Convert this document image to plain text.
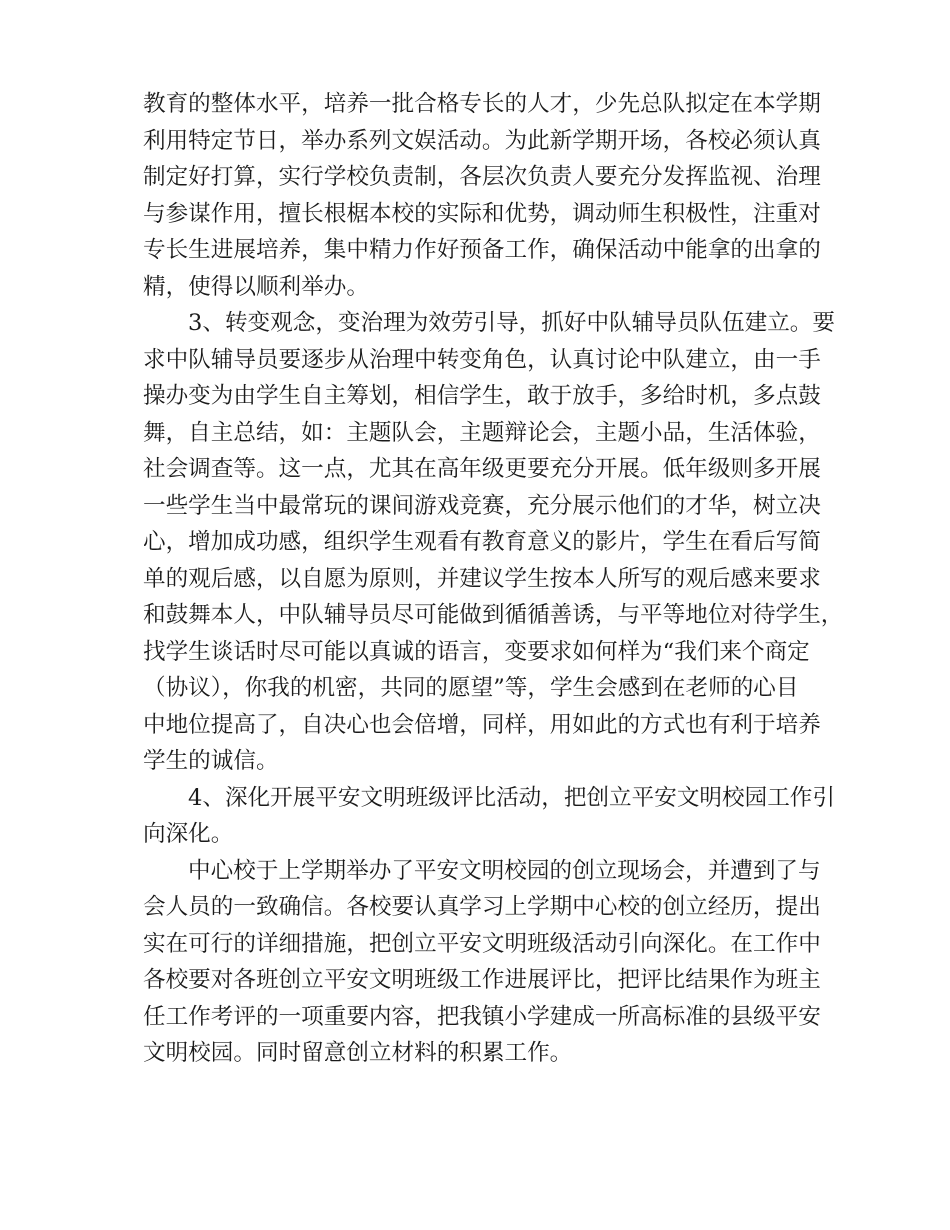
教育的整体水平，培养一批合格专长的人才，少先总队拟定在本学期
利用特定节日，举办系列文娱活动。为此新学期开场，各校必须认真
制定好打算，实行学校负责制，各层次负责人要充分发挥监视、治理
与参谋作用，擅长根椐本校的实际和优势，调动师生积极性，注重对
专长生进展培养，集中精力作好预备工作，确保活动中能拿的出拿的
精，使得以顺利举办。
3、转变观念，变治理为效劳引导，抓好中队辅导员队伍建立。要
求中队辅导员要逐步从治理中转变角色，认真讨论中队建立，由一手
操办变为由学生自主筹划，相信学生，敢于放手，多给时机，多点鼓
舞，自主总结，如：主题队会，主题辩论会，主题小品，生活体验，
社会调查等。这一点，尤其在高年级更要充分开展。低年级则多开展
一些学生当中最常玩的课间游戏竞赛，充分展示他们的才华，树立决
心，增加成功感，组织学生观看有教育意义的影片，学生在看后写简
单的观后感，以自愿为原则，并建议学生按本人所写的观后感来要求
和鼓舞本人，中队辅导员尽可能做到循循善诱，与平等地位对待学生，
找学生谈话时尽可能以真诚的语言，变要求如何样为“我们来个商定
（协议），你我的机密，共同的愿望”等，学生会感到在老师的心目
中地位提高了，自决心也会倍增，同样，用如此的方式也有利于培养
学生的诚信。
4、深化开展平安文明班级评比活动，把创立平安文明校园工作引
向深化。
中心校于上学期举办了平安文明校园的创立现场会，并遭到了与
会人员的一致确信。各校要认真学习上学期中心校的创立经历，提出
实在可行的详细措施，把创立平安文明班级活动引向深化。在工作中
各校要对各班创立平安文明班级工作进展评比，把评比结果作为班主
任工作考评的一项重要内容，把我镇小学建成一所高标准的县级平安
文明校园。同时留意创立材料的积累工作。
